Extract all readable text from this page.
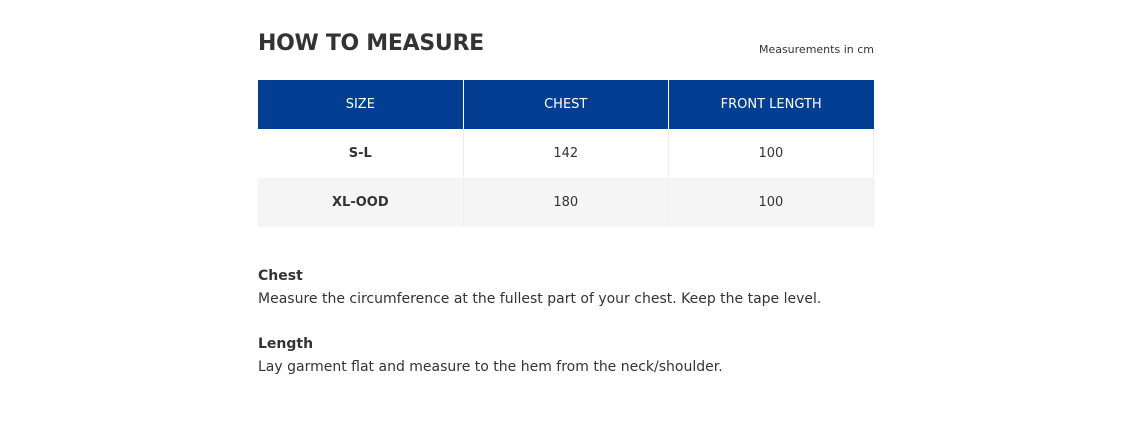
HOW TO MEASURE	Measurements in cm
SIZE	CHEST	FRONT LENGTH
S-L	142	100
XL-OOD	180	100
Chest
Measure the circumference at the fullest part of your chest. Keep the tape level.
Length
Lay garment flat and measure to the hem from the neck/shoulder.
